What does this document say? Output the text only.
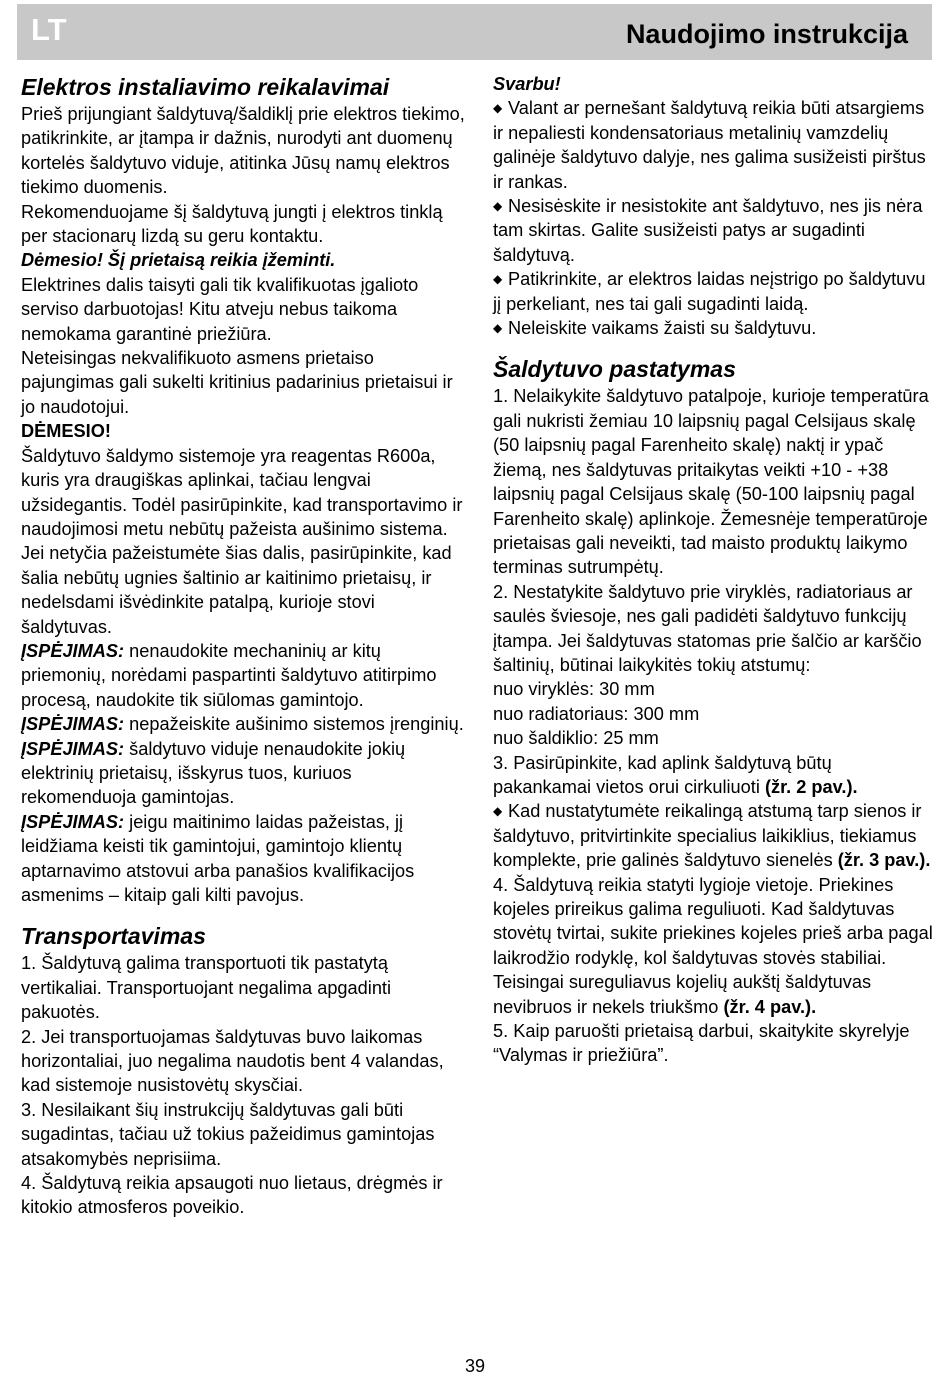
LT	Naudojimo instrukcija
Elektros instaliavimo reikalavimai
Prieš prijungiant šaldytuvą/šaldiklį prie elektros tiekimo, patikrinkite, ar įtampa ir dažnis, nurodyti ant duomenų kortelės šaldytuvo viduje, atitinka Jūsų namų elektros tiekimo duomenis.
Rekomenduojame šį šaldytuvą jungti į elektros tinklą per stacionarų lizdą su geru kontaktu.
Dėmesio! Šį prietaisą reikia įžeminti.
Elektrines dalis taisyti gali tik kvalifikuotas įgalioto serviso darbuotojas! Kitu atveju nebus taikoma nemokama garantinė priežiūra.
Neteisingas nekvalifikuoto asmens prietaiso pajungimas gali sukelti kritinius padarinius prietaisui ir jo naudotojui.
DĖMESIO!
Šaldytuvo šaldymo sistemoje yra reagentas R600a, kuris yra draugiškas aplinkai, tačiau lengvai užsidegantis. Todėl pasirūpinkite, kad transportavimo ir naudojimosi metu nebūtų pažeista aušinimo sistema. Jei netyčia pažeistumėte šias dalis, pasirūpinkite, kad šalia nebūtų ugnies šaltinio ar kaitinimo prietaisų, ir nedelsdami išvėdinkite patalpą, kurioje stovi šaldytuvas.
ĮSPĖJIMAS: nenaudokite mechaninių ar kitų priemonių, norėdami paspartinti šaldytuvo atitirpimo procesą, naudokite tik siūlomas gamintojo.
ĮSPĖJIMAS: nepažeiskite aušinimo sistemos įrenginių.
ĮSPĖJIMAS: šaldytuvo viduje nenaudokite jokių elektrinių prietaisų, išskyrus tuos, kuriuos rekomenduoja gamintojas.
ĮSPĖJIMAS: jeigu maitinimo laidas pažeistas, jį leidžiama keisti tik gamintojui, gamintojo klientų aptarnavimo atstovui arba panašios kvalifikacijos asmenims – kitaip gali kilti pavojus.
Transportavimas
1. Šaldytuvą galima transportuoti tik pastatytą vertikaliai. Transportuojant negalima apgadinti pakuotės.
2. Jei transportuojamas šaldytuvas buvo laikomas horizontaliai, juo negalima naudotis bent 4 valandas, kad sistemoje nusistovėtų skysčiai.
3. Nesilaikant šių instrukcijų šaldytuvas gali būti sugadintas, tačiau už tokius pažeidimus gamintojas atsakomybės neprisiima.
4. Šaldytuvą reikia apsaugoti nuo lietaus, drėgmės ir kitokio atmosferos poveikio.
Svarbu!
◆ Valant ar pernešant šaldytuvą reikia būti atsargiems ir nepaliesti kondensatoriaus metalinių vamzdelių galinėje šaldytuvo dalyje, nes galima susižeisti pirštus ir rankas.
◆ Nesisėskite ir nesistokite ant šaldytuvo, nes jis nėra tam skirtas. Galite susižeisti patys ar sugadinti šaldytuvą.
◆ Patikrinkite, ar elektros laidas neįstrigo po šaldytuvu jį perkeliant, nes tai gali sugadinti laidą.
◆ Neleiskite vaikams žaisti su šaldytuvu.
Šaldytuvo pastatymas
1. Nelaikykite šaldytuvo patalpoje, kurioje temperatūra gali nukristi žemiau 10 laipsnių pagal Celsijaus skalę (50 laipsnių pagal Farenheito skalę) naktį ir ypač žiemą, nes šaldytuvas pritaikytas veikti +10 - +38 laipsnių pagal Celsijaus skalę (50-100 laipsnių pagal Farenheito skalę) aplinkoje. Žemesnėje temperatūroje prietaisas gali neveikti, tad maisto produktų laikymo terminas sutrumpėtų.
2. Nestatykite šaldytuvo prie viryklės, radiatoriaus ar saulės šviesoje, nes gali padidėti šaldytuvo funkcijų įtampa. Jei šaldytuvas statomas prie šalčio ar karščio šaltinių, būtinai laikykitės tokių atstumų:
nuo viryklės: 30 mm
nuo radiatoriaus: 300 mm
nuo šaldiklio: 25 mm
3. Pasirūpinkite, kad aplink šaldytuvą būtų pakankamai vietos orui cirkuliuoti (žr. 2 pav.).
◆ Kad nustatytumėte reikalingą atstumą tarp sienos ir šaldytuvo, pritvirtinkite specialius laikiklius, tiekiamus komplekte, prie galinės šaldytuvo sienelės (žr. 3 pav.).
4. Šaldytuvą reikia statyti lygioje vietoje. Priekines kojeles prireikus galima reguliuoti. Kad šaldytuvas stovėtų tvirtai, sukite priekines kojeles prieš arba pagal laikrodžio rodyklę, kol šaldytuvas stovės stabiliai.
Teisingai sureguliavus kojelių aukštį šaldytuvas nevibruos ir nekels triukšmo (žr. 4 pav.).
5. Kaip paruošti prietaisą darbui, skaitykite skyrelyje “Valymas ir priežiūra”.
39
